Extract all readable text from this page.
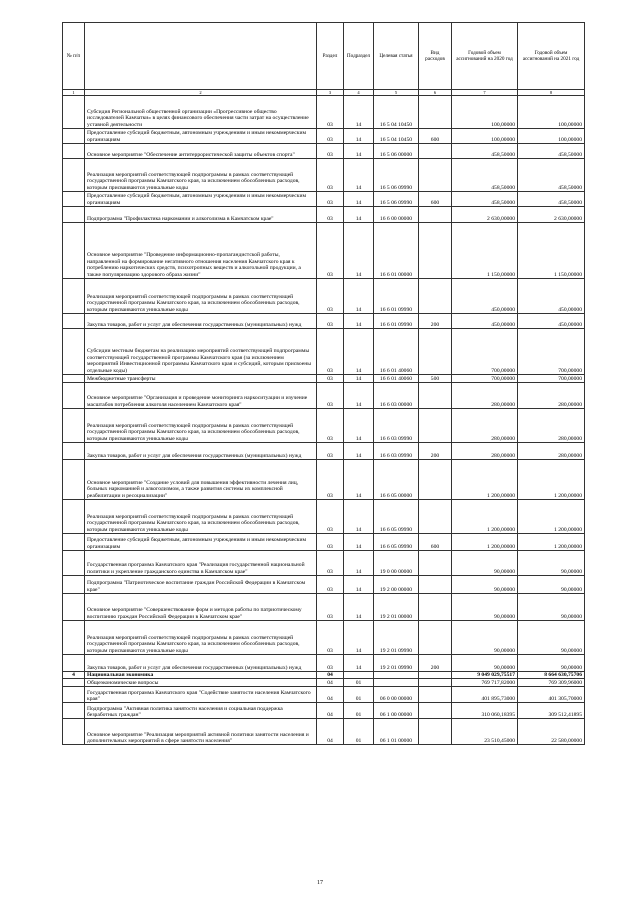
№ п/п		Раздел	Подраздел	Целевая статья	Вид расходов	Годовой объем ассигнований на 2020 год	Годовой объем ассигнований на 2021 год
1	2	3	4	5	6	7	8
	Субсидия Региональной общественной организации «Прогрессивное общество исследователей Камчатки» в целях финансового обеспечения части затрат на осуществление уставной деятельности	03	14	16 5 04 10450		100,00000	100,00000
	Предоставление субсидий бюджетным, автономным учреждениям и иным некоммерческим организациям	03	14	16 5 04 10450	600	100,00000	100,00000
	Основное мероприятие "Обеспечение антитеррористической защиты объектов спорта"	03	14	16 5 06 00000		458,50000	458,50000
	Реализация мероприятий соответствующей подпрограммы в рамках соответствующей государственной программы Камчатского края, за исключением обособленных расходов, которым присваиваются уникальные коды	03	14	16 5 06 09990		458,50000	458,50000
	Предоставление субсидий бюджетным, автономным учреждениям и иным некоммерческим организациям	03	14	16 5 06 09990	600	458,50000	458,50000
	Подпрограмма "Профилактика наркомании и алкоголизма в Камчатском крае"	03	14	16 6 00 00000		2 630,00000	2 630,00000
	Основное мероприятие "Проведение информационно-пропагандистской работы, направленной на формирование негативного отношения населения Камчатского края к потреблению наркотических средств, психотропных веществ и алкогольной продукции, а также популяризацию здорового образа жизни"	03	14	16 6 01 00000		1 150,00000	1 150,00000
	Реализация мероприятий соответствующей подпрограммы в рамках соответствующей государственной программы Камчатского края, за исключением обособленных расходов, которым присваиваются уникальные коды	03	14	16 6 01 09990		450,00000	450,00000
	Закупка товаров, работ и услуг для обеспечения государственных (муниципальных) нужд	03	14	16 6 01 09990	200	450,00000	450,00000
	Субсидии местным бюджетам на реализацию мероприятий соответствующей подпрограммы соответствующей государственной программы Камчатского края (за исключением мероприятий Инвестиционной программы Камчатского края и субсидий, которым присвоены отдельные коды)	03	14	16 6 01 40060		700,00000	700,00000
	Межбюджетные трансферты	03	14	16 6 01 40060	500	700,00000	700,00000
	Основное мероприятие "Организация и проведение мониторинга наркоситуации и изучение масштабов потребления алкоголя населением Камчатского края"	03	14	16 6 03 00000		280,00000	280,00000
	Реализация мероприятий соответствующей подпрограммы в рамках соответствующей государственной программы Камчатского края, за исключением обособленных расходов, которым присваиваются уникальные коды	03	14	16 6 03 09990		280,00000	280,00000
	Закупка товаров, работ и услуг для обеспечения государственных (муниципальных) нужд	03	14	16 6 03 09990	200	280,00000	280,00000
	Основное мероприятие "Создание условий для повышения эффективности лечения лиц, больных наркоманией и алкоголизмом, а также развития системы их комплексной реабилитации и ресоциализации"	03	14	16 6 05 00000		1 200,00000	1 200,00000
	Реализация мероприятий соответствующей подпрограммы в рамках соответствующей государственной программы Камчатского края, за исключением обособленных расходов, которым присваиваются уникальные коды	03	14	16 6 05 09990		1 200,00000	1 200,00000
	Предоставление субсидий бюджетным, автономным учреждениям и иным некоммерческим организациям	03	14	16 6 05 09990	600	1 200,00000	1 200,00000
	Государственная программа Камчатского края "Реализация государственной национальной политики и укрепление гражданского единства в Камчатском крае"	03	14	19 0 00 00000		90,00000	90,00000
	Подпрограмма "Патриотическое воспитание граждан Российской Федерации в Камчатском крае"	03	14	19 2 00 00000		90,00000	90,00000
	Основное мероприятие "Совершенствование форм и методов работы по патриотическому воспитанию граждан Российской Федерации в Камчатском крае"	03	14	19 2 01 00000		90,00000	90,00000
	Реализация мероприятий соответствующей подпрограммы в рамках соответствующей государственной программы Камчатского края, за исключением обособленных расходов, которым присваиваются уникальные коды	03	14	19 2 01 09990		90,00000	90,00000
	Закупка товаров, работ и услуг для обеспечения государственных (муниципальных) нужд	03	14	19 2 01 09990	200	90,00000	90,00000
4	Национальная экономика	04				9 049 029,75517	8 664 630,75706
	Общеэкономические вопросы	04	01			769 717,82000	769 309,96000
	Государственная программа Камчатского края "Содействие занятости населения Камчатского края"	04	01	06 0 00 00000		401 895,73000	401 305,70000
	Подпрограмма "Активная политика занятости населения и социальная поддержка безработных граждан"	04	01	06 1 00 00000		310 060,18395	309 512,41895
	Основное мероприятие "Реализация мероприятий активной политики занятости населения и дополнительных мероприятий в сфере занятости населения"	04	01	06 1 01 00000		23 510,45000	22 580,00000
17
